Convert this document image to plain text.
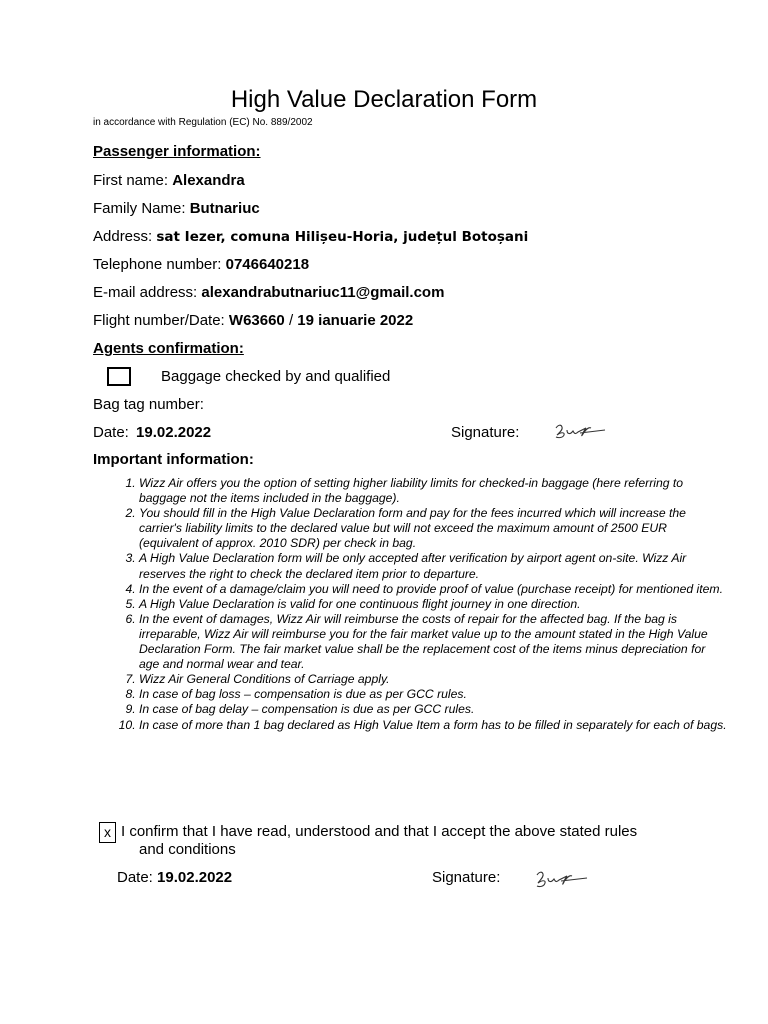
High Value Declaration Form
in accordance with Regulation (EC) No. 889/2002
Passenger information:
First name: Alexandra
Family Name: Butnariuc
Address: sat Iezer, comuna Hilișeu-Horia, județul Botoșani
Telephone number: 0746640218
E-mail address: alexandrabutnariuc11@gmail.com
Flight number/Date: W63660 / 19 ianuarie 2022
Agents confirmation:
Baggage checked by and qualified
Bag tag number:
Date: 19.02.2022	Signature:
Important information:
1. Wizz Air offers you the option of setting higher liability limits for checked-in baggage (here referring to baggage not the items included in the baggage).
2. You should fill in the High Value Declaration form and pay for the fees incurred which will increase the carrier's liability limits to the declared value but will not exceed the maximum amount of 2500 EUR (equivalent of approx. 2010 SDR) per check in bag.
3. A High Value Declaration form will be only accepted after verification by airport agent on-site. Wizz Air reserves the right to check the declared item prior to departure.
4. In the event of a damage/claim you will need to provide proof of value (purchase receipt) for mentioned item.
5. A High Value Declaration is valid for one continuous flight journey in one direction.
6. In the event of damages, Wizz Air will reimburse the costs of repair for the affected bag. If the bag is irreparable, Wizz Air will reimburse you for the fair market value up to the amount stated in the High Value Declaration Form. The fair market value shall be the replacement cost of the items minus depreciation for age and normal wear and tear.
7. Wizz Air General Conditions of Carriage apply.
8. In case of bag loss – compensation is due as per GCC rules.
9. In case of bag delay – compensation is due as per GCC rules.
10. In case of more than 1 bag declared as High Value Item a form has to be filled in separately for each of bags.
x I confirm that I have read, understood and that I accept the above stated rules
and conditions
Date: 19.02.2022	Signature:
